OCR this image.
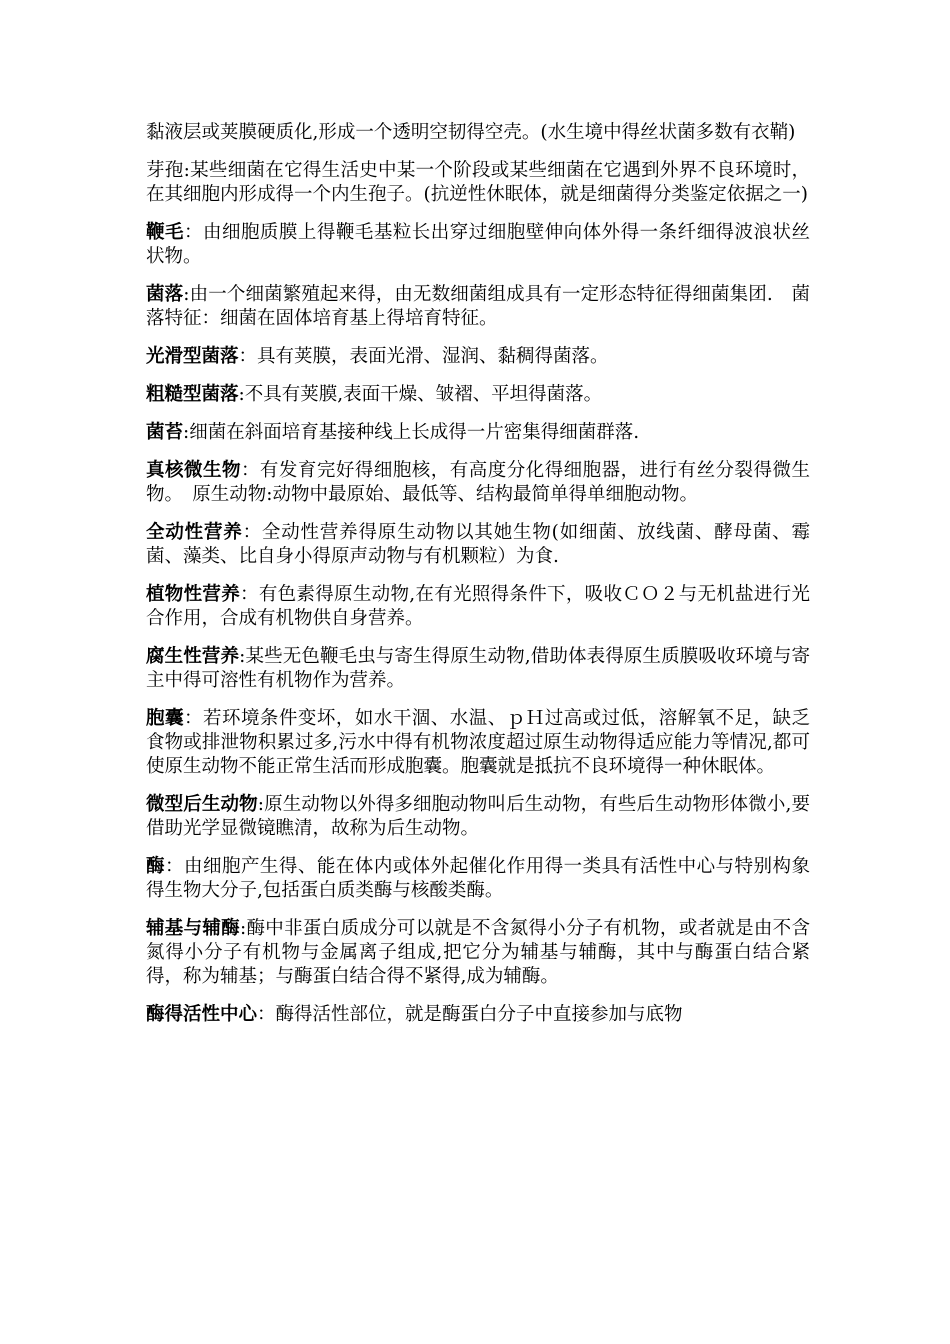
黏液层或荚膜硬质化,形成一个透明空韧得空壳。(水生境中得丝状菌多数有衣鞘)

芽孢:某些细菌在它得生活史中某一个阶段或某些细菌在它遇到外界不良环境时，在其细胞内形成得一个内生孢子。(抗逆性休眠体，就是细菌得分类鉴定依据之一)

鞭毛：由细胞质膜上得鞭毛基粒长出穿过细胞壁伸向体外得一条纤细得波浪状丝状物。

菌落:由一个细菌繁殖起来得，由无数细菌组成具有一定形态特征得细菌集团.　菌落特征：细菌在固体培育基上得培育特征。

光滑型菌落：具有荚膜，表面光滑、湿润、黏稠得菌落。

粗糙型菌落:不具有荚膜,表面干燥、皱褶、平坦得菌落。

菌苔:细菌在斜面培育基接种线上长成得一片密集得细菌群落.

真核微生物：有发育完好得细胞核，有高度分化得细胞器，进行有丝分裂得微生物。　原生动物:动物中最原始、最低等、结构最简单得单细胞动物。

全动性营养：全动性营养得原生动物以其她生物(如细菌、放线菌、酵母菌、霉菌、藻类、比自身小得原声动物与有机颗粒）为食.

植物性营养：有色素得原生动物,在有光照得条件下，吸收ＣＯ２与无机盐进行光合作用，合成有机物供自身营养。

腐生性营养:某些无色鞭毛虫与寄生得原生动物,借助体表得原生质膜吸收环境与寄主中得可溶性有机物作为营养。

胞囊：若环境条件变坏，如水干涸、水温、ｐＨ过高或过低，溶解氧不足，缺乏食物或排泄物积累过多,污水中得有机物浓度超过原生动物得适应能力等情况,都可使原生动物不能正常生活而形成胞囊。胞囊就是抵抗不良环境得一种休眠体。

微型后生动物:原生动物以外得多细胞动物叫后生动物，有些后生动物形体微小,要借助光学显微镜瞧清，故称为后生动物。

酶：由细胞产生得、能在体内或体外起催化作用得一类具有活性中心与特别构象得生物大分子,包括蛋白质类酶与核酸类酶。

辅基与辅酶:酶中非蛋白质成分可以就是不含氮得小分子有机物，或者就是由不含氮得小分子有机物与金属离子组成,把它分为辅基与辅酶，其中与酶蛋白结合紧得，称为辅基；与酶蛋白结合得不紧得,成为辅酶。

酶得活性中心：酶得活性部位，就是酶蛋白分子中直接参加与底物
